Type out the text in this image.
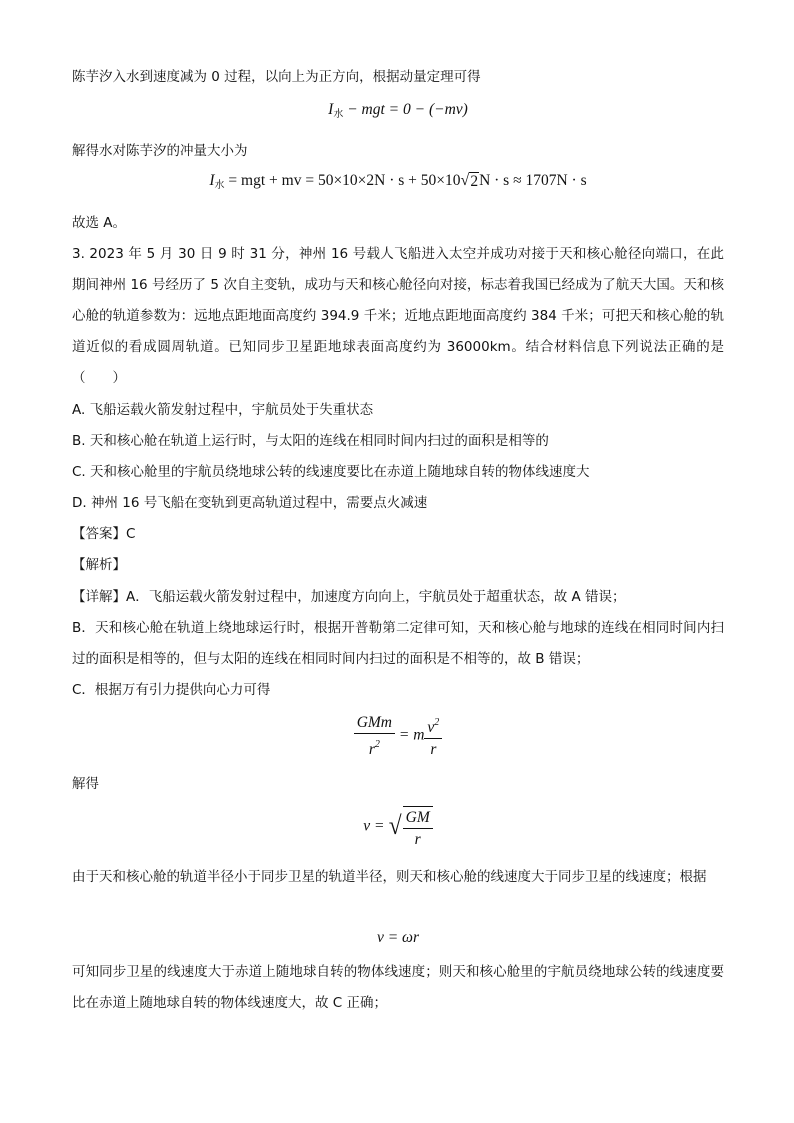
陈芋汐入水到速度减为 0 过程，以向上为正方向，根据动量定理可得

$I_水$ − mgt = 0 − (−mv)

解得水对陈芋汐的冲量大小为

$I_水$ = mgt + mv = 50×10×2N · s + 50×10 √ 2 N · s ≈ 1707N · s

故选 A。

3. 2023 年 5 月 30 日 9 时 31 分，神州 16 号载人飞船进入太空并成功对接于天和核心舱径向端口，在此期间神州 16 号经历了 5 次自主变轨，成功与天和核心舱径向对接，标志着我国已经成为了航天大国。天和核心舱的轨道参数为：远地点距地面高度约 394.9 千米；近地点距地面高度约 384 千米；可把天和核心舱的轨道近似的看成圆周轨道。已知同步卫星距地球表面高度约为 36000km。结合材料信息下列说法正确的是（　　）

A. 飞船运载火箭发射过程中，宇航员处于失重状态

B. 天和核心舱在轨道上运行时，与太阳的连线在相同时间内扫过的面积是相等的

C. 天和核心舱里的宇航员绕地球公转的线速度要比在赤道上随地球自转的物体线速度大

D. 神州 16 号飞船在变轨到更高轨道过程中，需要点火减速

【答案】C

【解析】

【详解】A．飞船运载火箭发射过程中，加速度方向向上，宇航员处于超重状态，故 A 错误；

B．天和核心舱在轨道上绕地球运行时，根据开普勒第二定律可知，天和核心舱与地球的连线在相同时间内扫过的面积是相等的，但与太阳的连线在相同时间内扫过的面积是不相等的，故 B 错误；

C．根据万有引力提供向心力可得

$\frac{\text{GMm}}{r^2} = m \frac{v^2}{r}$

解得

v = √ $\frac{GM}{r}$

由于天和核心舱的轨道半径小于同步卫星的轨道半径，则天和核心舱的线速度大于同步卫星的线速度；根据

v = ωr

可知同步卫星的线速度大于赤道上随地球自转的物体线速度；则天和核心舱里的宇航员绕地球公转的线速度要比在赤道上随地球自转的物体线速度大，故 C 正确；
